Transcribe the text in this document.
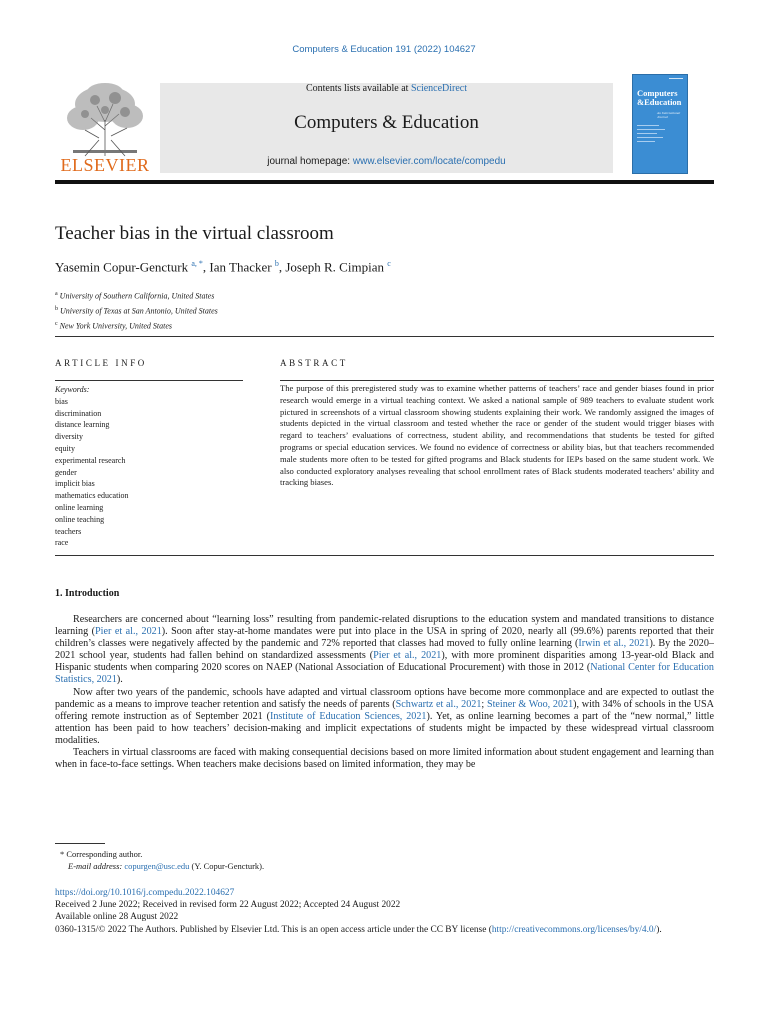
Computers & Education 191 (2022) 104627
ELSEVIER
Contents lists available at ScienceDirect
Computers & Education
journal homepage: www.elsevier.com/locate/compedu
Computers
&Education
An International Journal
Teacher bias in the virtual classroom
Yasemin Copur-Gencturk $^{a, *}$, Ian Thacker $^b$, Joseph R. Cimpian $^c$
$^a$ University of Southern California, United States
$^b$ University of Texas at San Antonio, United States
$^c$ New York University, United States
ARTICLE INFO
Keywords:
bias
discrimination
distance learning
diversity
equity
experimental research
gender
implicit bias
mathematics education
online learning
online teaching
teachers
race
ABSTRACT
The purpose of this preregistered study was to examine whether patterns of teachers’ race and gender biases found in prior research would emerge in a virtual teaching context. We asked a national sample of 989 teachers to evaluate student work pictured in screenshots of a virtual classroom showing students explaining their work. We randomly assigned the images of students depicted in the virtual classroom and tested whether the race or gender of the student would trigger biases with regard to teachers’ evaluations of correctness, student ability, and recommendations that students be tested for gifted programs or special education services. We found no evidence of correctness or ability bias, but that teachers recommended male students more often to be tested for gifted programs and Black students for IEPs based on the same student work. We also conducted exploratory analyses revealing that school enrollment rates of Black students moderated teachers’ ability and tracking biases.
1. Introduction

Researchers are concerned about “learning loss” resulting from pandemic-related disruptions to the education system and mandated transitions to distance learning (Pier et al., 2021). Soon after stay-at-home mandates were put into place in the USA in spring of 2020, nearly all (99.6%) parents reported that their children’s classes were negatively affected by the pandemic and 72% reported that classes had moved to fully online learning (Irwin et al., 2021). By the 2020–2021 school year, students had fallen behind on standardized assessments (Pier et al., 2021), with more prominent disparities among 13-year-old Black and Hispanic students when comparing 2020 scores on NAEP (National Association of Educational Procurement) with those in 2012 (National Center for Education Statistics, 2021).

Now after two years of the pandemic, schools have adapted and virtual classroom options have become more commonplace and are expected to outlast the pandemic as a means to improve teacher retention and satisfy the needs of parents (Schwartz et al., 2021; Steiner & Woo, 2021), with 34% of schools in the USA offering remote instruction as of September 2021 (Institute of Education Sciences, 2021). Yet, as online learning becomes a part of the “new normal,” little attention has been paid to how teachers’ decision-making and implicit expectations of students might be impacted by these widespread virtual classroom modalities.

Teachers in virtual classrooms are faced with making consequential decisions based on more limited information about student engagement and learning than when in face-to-face settings. When teachers make decisions based on limited information, they may be

* Corresponding author.
E-mail address: copurgen@usc.edu (Y. Copur-Gencturk).
https://doi.org/10.1016/j.compedu.2022.104627
Received 2 June 2022; Received in revised form 22 August 2022; Accepted 24 August 2022
Available online 28 August 2022
0360-1315/© 2022 The Authors. Published by Elsevier Ltd. This is an open access article under the CC BY license (http://creativecommons.org/licenses/by/4.0/).
